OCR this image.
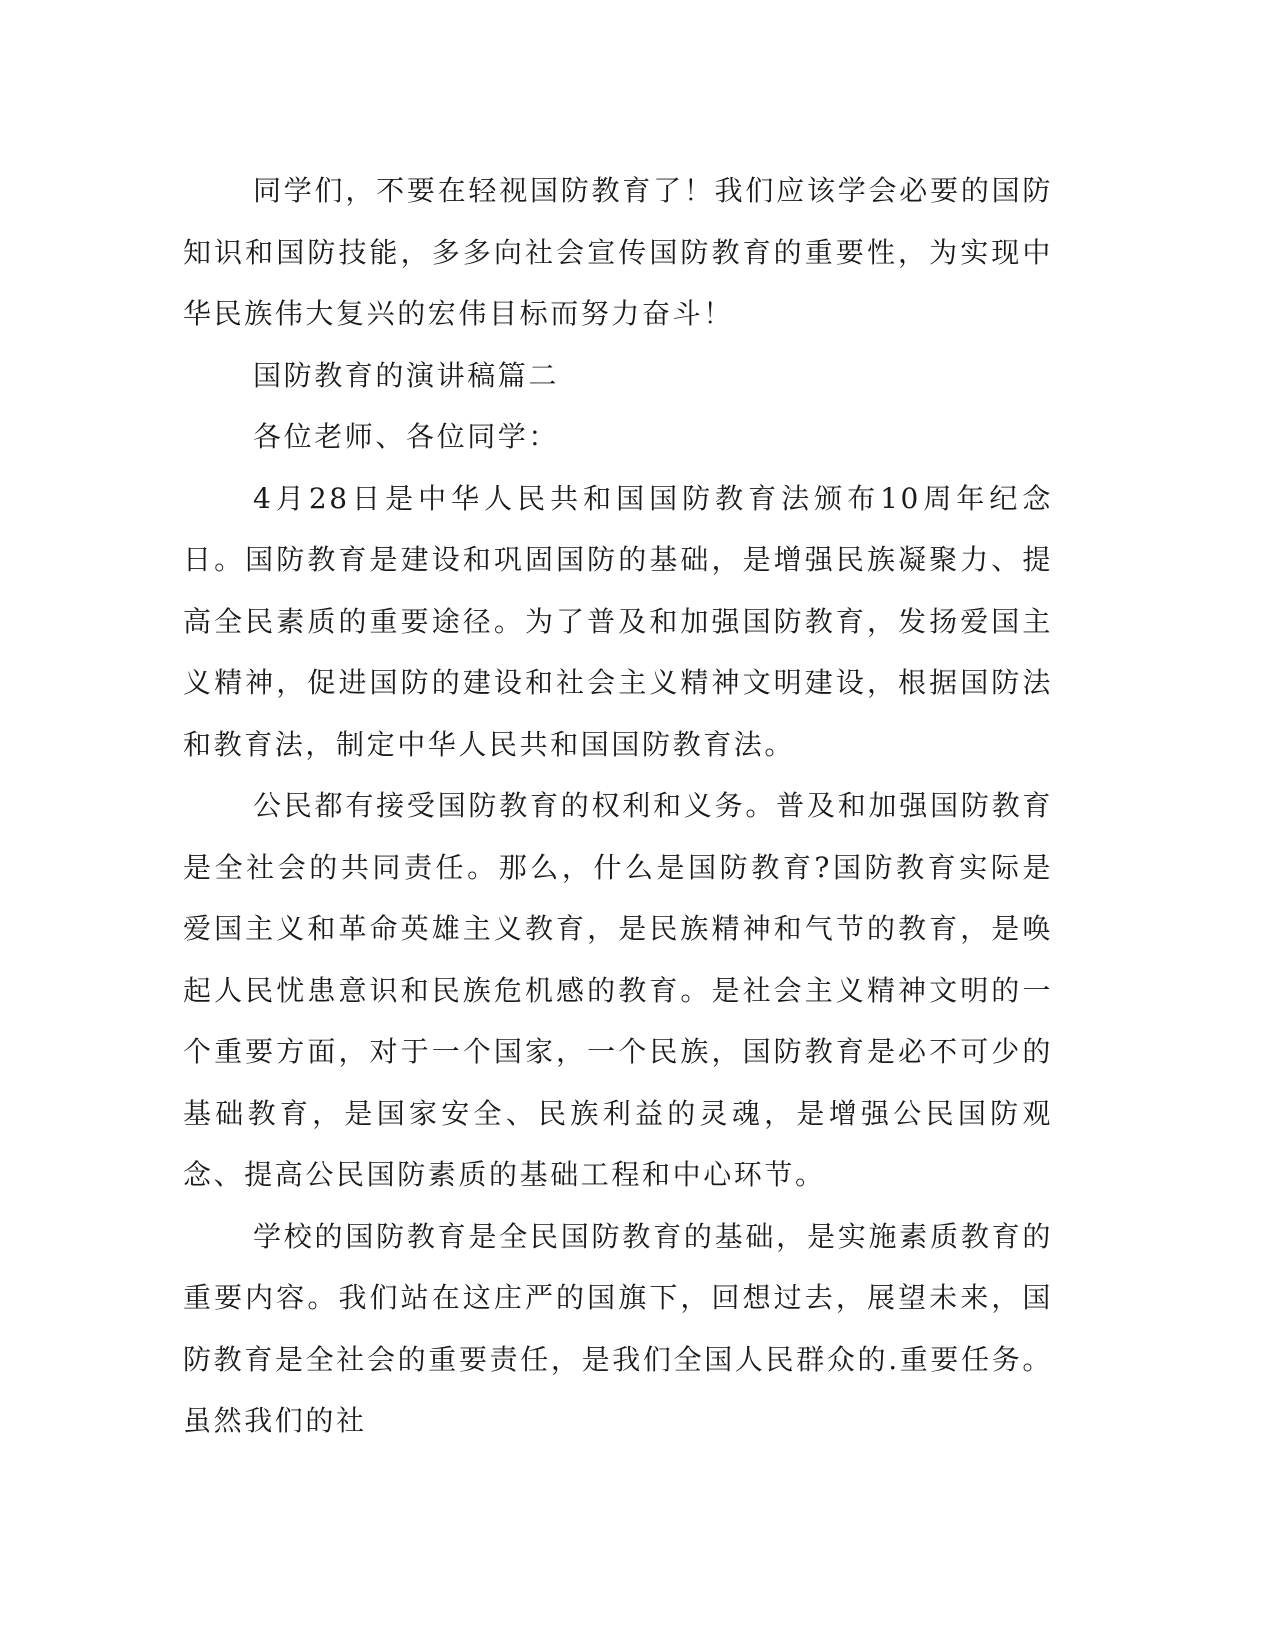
同学们，不要在轻视国防教育了！我们应该学会必要的国防知识和国防技能，多多向社会宣传国防教育的重要性，为实现中华民族伟大复兴的宏伟目标而努力奋斗！

国防教育的演讲稿篇二

各位老师、各位同学：

4月28日是中华人民共和国国防教育法颁布10周年纪念日。国防教育是建设和巩固国防的基础，是增强民族凝聚力、提高全民素质的重要途径。为了普及和加强国防教育，发扬爱国主义精神，促进国防的建设和社会主义精神文明建设，根据国防法和教育法，制定中华人民共和国国防教育法。

公民都有接受国防教育的权利和义务。普及和加强国防教育是全社会的共同责任。那么，什么是国防教育?国防教育实际是爱国主义和革命英雄主义教育，是民族精神和气节的教育，是唤起人民忧患意识和民族危机感的教育。是社会主义精神文明的一个重要方面，对于一个国家，一个民族，国防教育是必不可少的基础教育，是国家安全、民族利益的灵魂，是增强公民国防观念、提高公民国防素质的基础工程和中心环节。

学校的国防教育是全民国防教育的基础，是实施素质教育的重要内容。我们站在这庄严的国旗下，回想过去，展望未来，国防教育是全社会的重要责任，是我们全国人民群众的.重要任务。虽然我们的社
